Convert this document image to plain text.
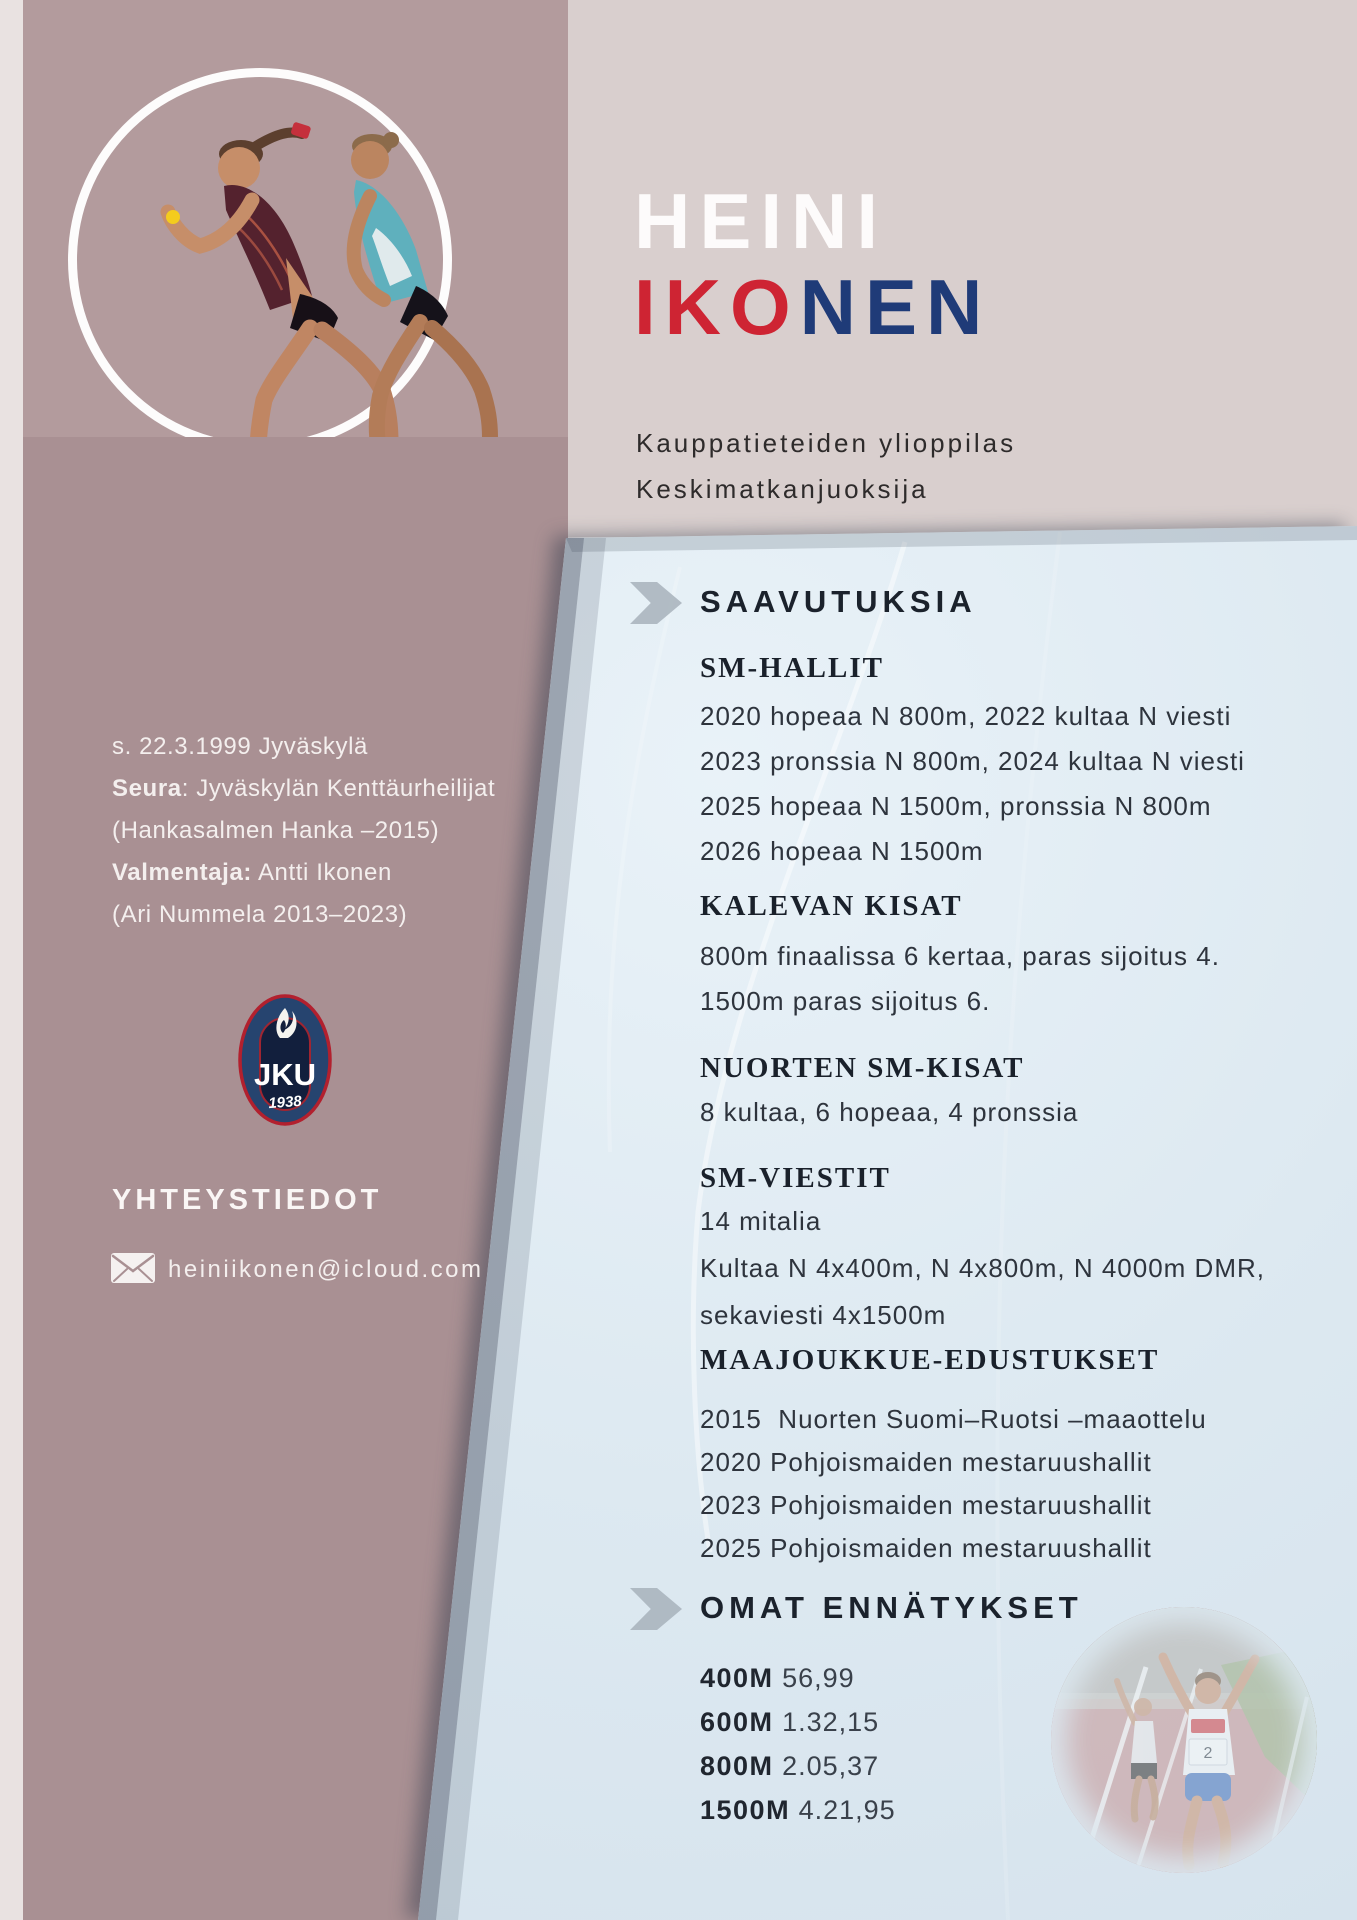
HEINI
IKONEN
Kauppatieteiden ylioppilas
Keskimatkanjuoksija
s. 22.3.1999 Jyväskylä
Seura: Jyväskylän Kenttäurheilijat
(Hankasalmen Hanka –2015)
Valmentaja: Antti Ikonen
(Ari Nummela 2013–2023)
JKU
1938
YHTEYSTIEDOT
heiniikonen@icloud.com
SAAVUTUKSIA
SM-HALLIT
2020 hopeaa N 800m, 2022 kultaa N viesti
2023 pronssia N 800m, 2024 kultaa N viesti
2025 hopeaa N 1500m, pronssia N 800m
2026 hopeaa N 1500m
KALEVAN KISAT
800m finaalissa 6 kertaa, paras sijoitus 4.
1500m paras sijoitus 6.
NUORTEN SM-KISAT
8 kultaa, 6 hopeaa, 4 pronssia
SM-VIESTIT
14 mitalia
Kultaa N 4x400m, N 4x800m, N 4000m DMR,
sekaviesti 4x1500m
MAAJOUKKUE-EDUSTUKSET
2015  Nuorten Suomi–Ruotsi –maaottelu
2020 Pohjoismaiden mestaruushallit
2023 Pohjoismaiden mestaruushallit
2025 Pohjoismaiden mestaruushallit
OMAT ENNÄTYKSET
400M 56,99
600M 1.32,15
800M 2.05,37
1500M 4.21,95
2
